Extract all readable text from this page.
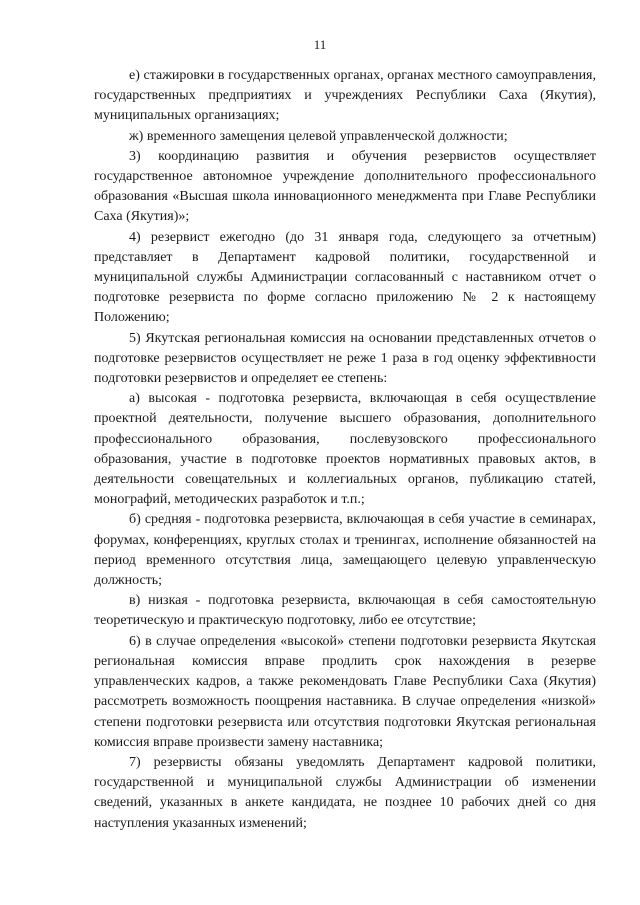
11

е) стажировки в государственных органах, органах местного самоуправления, государственных предприятиях и учреждениях Республики Саха (Якутия), муниципальных организациях;

ж) временного замещения целевой управленческой должности;

3) координацию развития и обучения резервистов осуществляет государственное автономное учреждение дополнительного профессионального образования «Высшая школа инновационного менеджмента при Главе Республики Саха (Якутия)»;

4) резервист ежегодно (до 31 января года, следующего за отчетным) представляет в Департамент кадровой политики, государственной и муниципальной службы Администрации согласованный с наставником отчет о подготовке резервиста по форме согласно приложению № 2 к настоящему Положению;

5) Якутская региональная комиссия на основании представленных отчетов о подготовке резервистов осуществляет не реже 1 раза в год оценку эффективности подготовки резервистов и определяет ее степень:

а) высокая - подготовка резервиста, включающая в себя осуществление проектной деятельности, получение высшего образования, дополнительного профессионального образования, послевузовского профессионального образования, участие в подготовке проектов нормативных правовых актов, в деятельности совещательных и коллегиальных органов, публикацию статей, монографий, методических разработок и т.п.;

б) средняя - подготовка резервиста, включающая в себя участие в семинарах, форумах, конференциях, круглых столах и тренингах, исполнение обязанностей на период временного отсутствия лица, замещающего целевую управленческую должность;

в) низкая - подготовка резервиста, включающая в себя самостоятельную теоретическую и практическую подготовку, либо ее отсутствие;

6) в случае определения «высокой» степени подготовки резервиста Якутская региональная комиссия вправе продлить срок нахождения в резерве управленческих кадров, а также рекомендовать Главе Республики Саха (Якутия) рассмотреть возможность поощрения наставника. В случае определения «низкой» степени подготовки резервиста или отсутствия подготовки Якутская региональная комиссия вправе произвести замену наставника;

7) резервисты обязаны уведомлять Департамент кадровой политики, государственной и муниципальной службы Администрации об изменении сведений, указанных в анкете кандидата, не позднее 10 рабочих дней со дня наступления указанных изменений;
